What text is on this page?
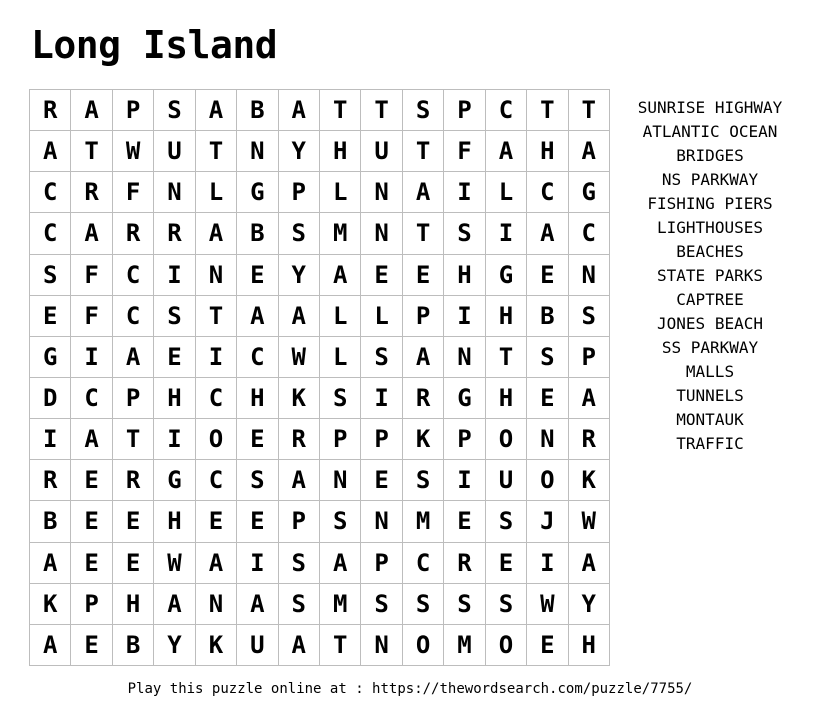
Long Island
R	A	P	S	A	B	A	T	T	S	P	C	T	T
A	T	W	U	T	N	Y	H	U	T	F	A	H	A
C	R	F	N	L	G	P	L	N	A	I	L	C	G
C	A	R	R	A	B	S	M	N	T	S	I	A	C
S	F	C	I	N	E	Y	A	E	E	H	G	E	N
E	F	C	S	T	A	A	L	L	P	I	H	B	S
G	I	A	E	I	C	W	L	S	A	N	T	S	P
D	C	P	H	C	H	K	S	I	R	G	H	E	A
I	A	T	I	O	E	R	P	P	K	P	O	N	R
R	E	R	G	C	S	A	N	E	S	I	U	O	K
B	E	E	H	E	E	P	S	N	M	E	S	J	W
A	E	E	W	A	I	S	A	P	C	R	E	I	A
K	P	H	A	N	A	S	M	S	S	S	S	W	Y
A	E	B	Y	K	U	A	T	N	O	M	O	E	H
SUNRISE HIGHWAY
ATLANTIC OCEAN
BRIDGES
NS PARKWAY
FISHING PIERS
LIGHTHOUSES
BEACHES
STATE PARKS
CAPTREE
JONES BEACH
SS PARKWAY
MALLS
TUNNELS
MONTAUK
TRAFFIC
Play this puzzle online at : https://thewordsearch.com/puzzle/7755/
